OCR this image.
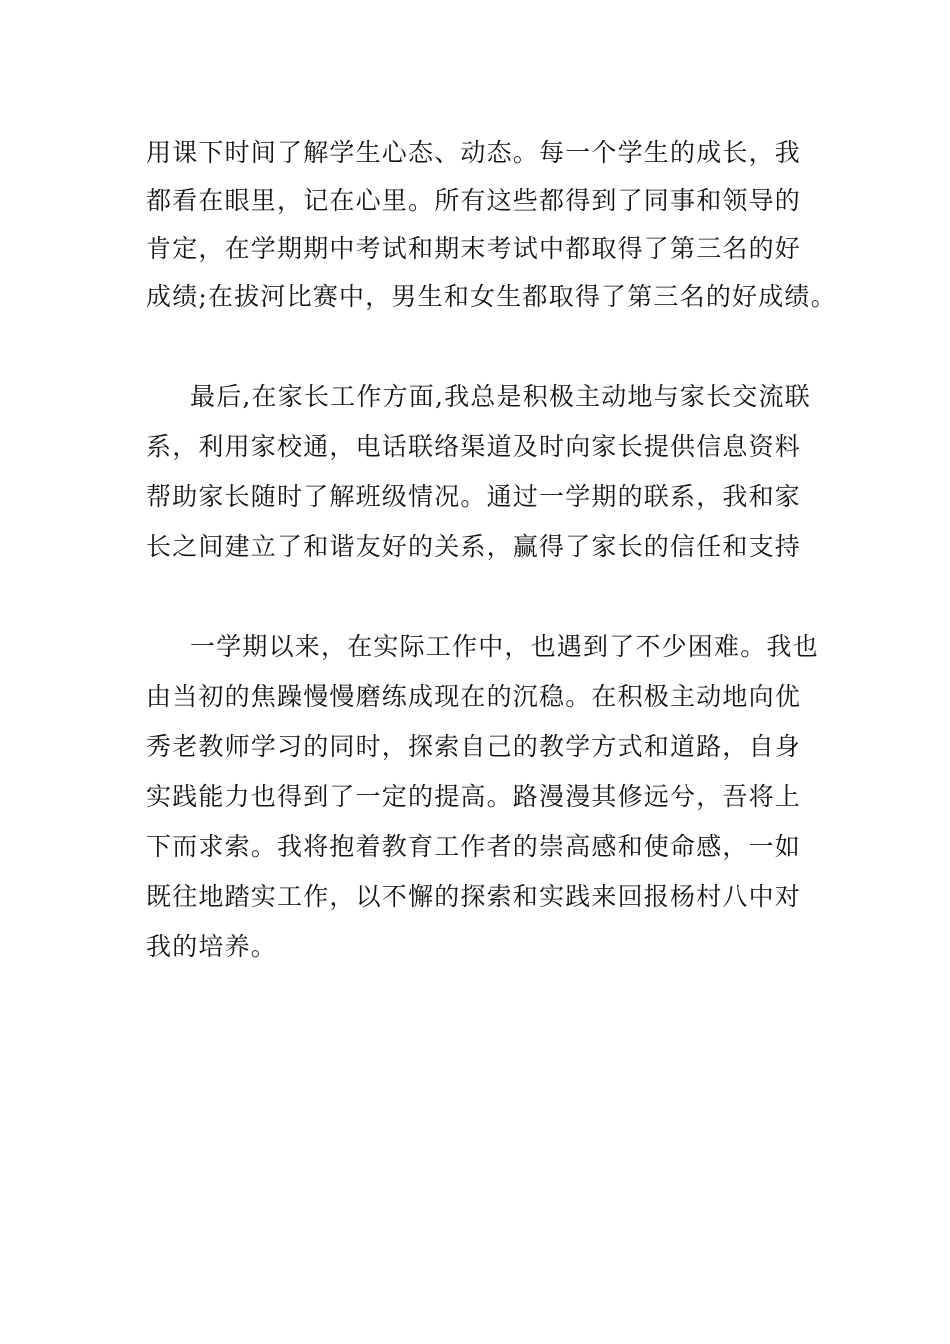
用课下时间了解学生心态、动态。每一个学生的成长，我
都看在眼里，记在心里。所有这些都得到了同事和领导的
肯定，在学期期中考试和期末考试中都取得了第三名的好
成绩;在拔河比赛中，男生和女生都取得了第三名的好成绩。
最后,在家长工作方面,我总是积极主动地与家长交流联
系，利用家校通，电话联络渠道及时向家长提供信息资料
帮助家长随时了解班级情况。通过一学期的联系，我和家
长之间建立了和谐友好的关系，赢得了家长的信任和支持
一学期以来，在实际工作中，也遇到了不少困难。我也
由当初的焦躁慢慢磨练成现在的沉稳。在积极主动地向优
秀老教师学习的同时，探索自己的教学方式和道路，自身
实践能力也得到了一定的提高。路漫漫其修远兮，吾将上
下而求索。我将抱着教育工作者的崇高感和使命感，一如
既往地踏实工作，以不懈的探索和实践来回报杨村八中对
我的培养。
